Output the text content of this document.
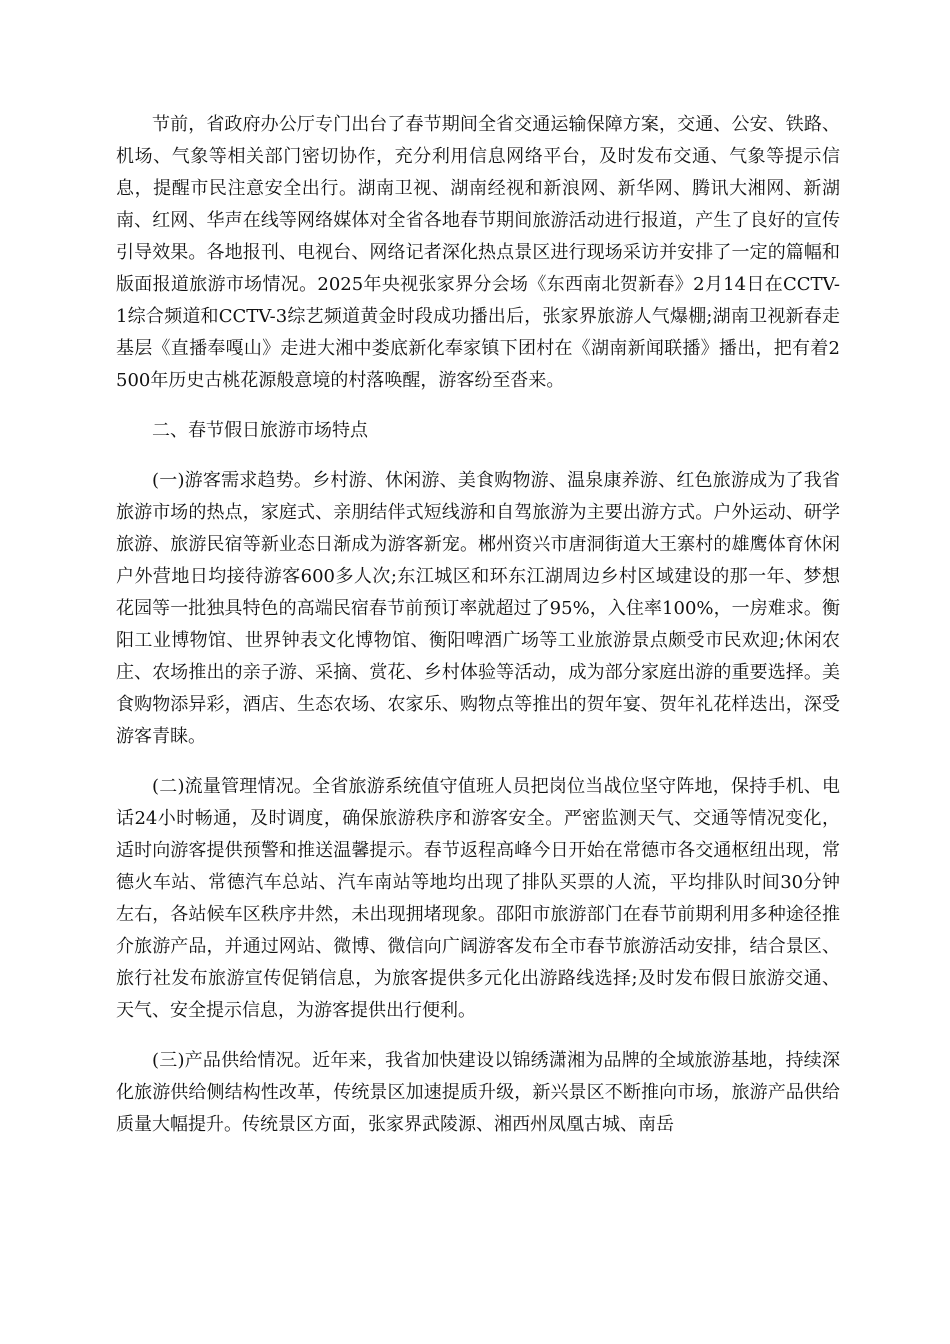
节前，省政府办公厅专门出台了春节期间全省交通运输保障方案，交通、公安、铁路、机场、气象等相关部门密切协作，充分利用信息网络平台，及时发布交通、气象等提示信息，提醒市民注意安全出行。湖南卫视、湖南经视和新浪网、新华网、腾讯大湘网、新湖南、红网、华声在线等网络媒体对全省各地春节期间旅游活动进行报道，产生了良好的宣传引导效果。各地报刊、电视台、网络记者深化热点景区进行现场采访并安排了一定的篇幅和版面报道旅游市场情况。2025年央视张家界分会场《东西南北贺新春》2月14日在CCTV-1综合频道和CCTV-3综艺频道黄金时段成功播出后，张家界旅游人气爆棚;湖南卫视新春走基层《直播奉嘎山》走进大湘中娄底新化奉家镇下团村在《湖南新闻联播》播出，把有着2500年历史古桃花源般意境的村落唤醒，游客纷至沓来。

二、春节假日旅游市场特点

(一)游客需求趋势。乡村游、休闲游、美食购物游、温泉康养游、红色旅游成为了我省旅游市场的热点，家庭式、亲朋结伴式短线游和自驾旅游为主要出游方式。户外运动、研学旅游、旅游民宿等新业态日渐成为游客新宠。郴州资兴市唐洞街道大王寨村的雄鹰体育休闲户外营地日均接待游客600多人次;东江城区和环东江湖周边乡村区域建设的那一年、梦想花园等一批独具特色的高端民宿春节前预订率就超过了95%，入住率100%，一房难求。衡阳工业博物馆、世界钟表文化博物馆、衡阳啤酒广场等工业旅游景点颇受市民欢迎;休闲农庄、农场推出的亲子游、采摘、赏花、乡村体验等活动，成为部分家庭出游的重要选择。美食购物添异彩，酒店、生态农场、农家乐、购物点等推出的贺年宴、贺年礼花样迭出，深受游客青睐。

(二)流量管理情况。全省旅游系统值守值班人员把岗位当战位坚守阵地，保持手机、电话24小时畅通，及时调度，确保旅游秩序和游客安全。严密监测天气、交通等情况变化，适时向游客提供预警和推送温馨提示。春节返程高峰今日开始在常德市各交通枢纽出现，常德火车站、常德汽车总站、汽车南站等地均出现了排队买票的人流，平均排队时间30分钟左右，各站候车区秩序井然，未出现拥堵现象。邵阳市旅游部门在春节前期利用多种途径推介旅游产品，并通过网站、微博、微信向广阔游客发布全市春节旅游活动安排，结合景区、旅行社发布旅游宣传促销信息，为旅客提供多元化出游路线选择;及时发布假日旅游交通、天气、安全提示信息，为游客提供出行便利。

(三)产品供给情况。近年来，我省加快建设以锦绣潇湘为品牌的全域旅游基地，持续深化旅游供给侧结构性改革，传统景区加速提质升级，新兴景区不断推向市场，旅游产品供给质量大幅提升。传统景区方面，张家界武陵源、湘西州凤凰古城、南岳
